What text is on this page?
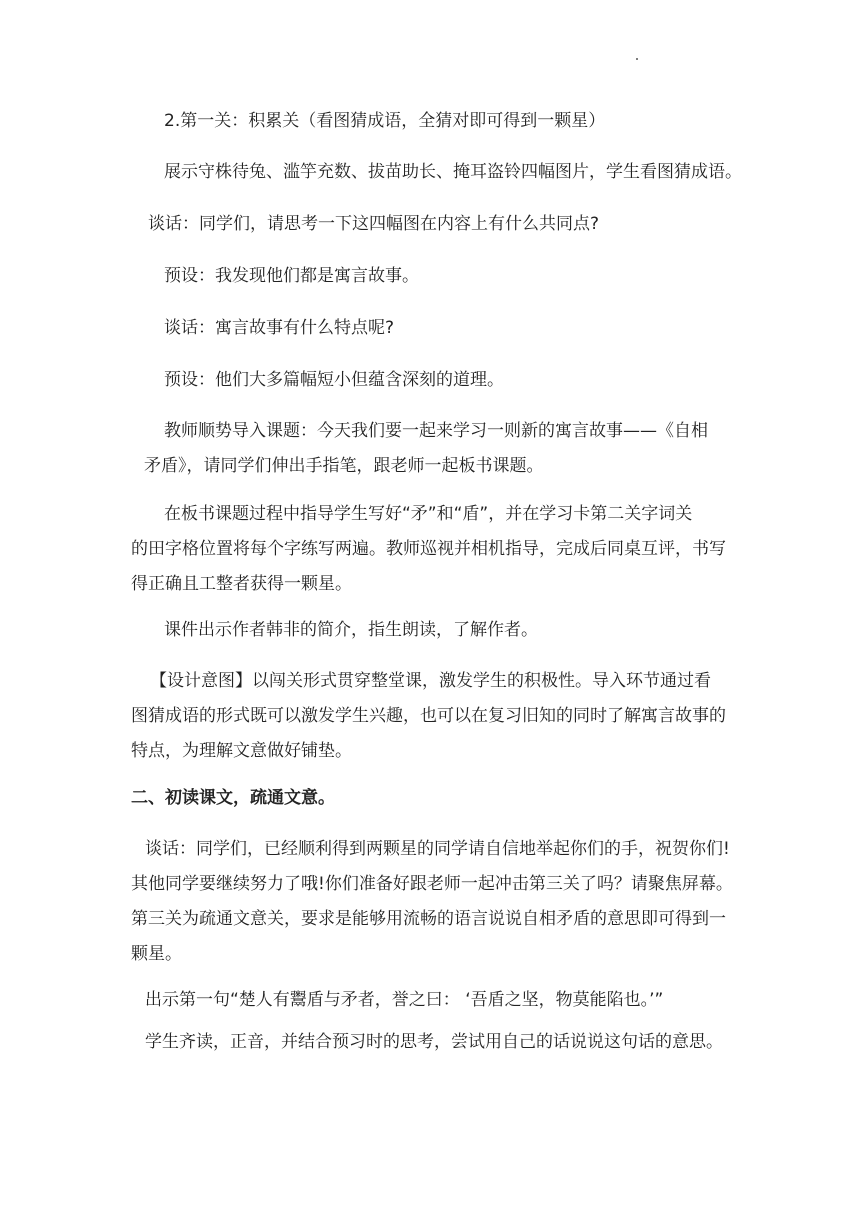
2.第一关：积累关（看图猜成语，全猜对即可得到一颗星）

展示守株待兔、滥竽充数、拔苗助长、掩耳盗铃四幅图片，学生看图猜成语。

谈话：同学们，请思考一下这四幅图在内容上有什么共同点?

预设：我发现他们都是寓言故事。

谈话：寓言故事有什么特点呢?

预设：他们大多篇幅短小但蕴含深刻的道理。

教师顺势导入课题：今天我们要一起来学习一则新的寓言故事——《自相
矛盾》，请同学们伸出手指笔，跟老师一起板书课题。
在板书课题过程中指导学生写好“矛”和“盾”，并在学习卡第二关字词关
的田字格位置将每个字练写两遍。教师巡视并相机指导，完成后同桌互评，书写
得正确且工整者获得一颗星。

课件出示作者韩非的简介，指生朗读，了解作者。

【设计意图】以闯关形式贯穿整堂课，激发学生的积极性。导入环节通过看
图猜成语的形式既可以激发学生兴趣，也可以在复习旧知的同时了解寓言故事的
特点，为理解文意做好铺垫。

二、初读课文，疏通文意。

谈话：同学们，已经顺利得到两颗星的同学请自信地举起你们的手，祝贺你们!
其他同学要继续努力了哦!你们准备好跟老师一起冲击第三关了吗？请聚焦屏幕。
第三关为疏通文意关，要求是能够用流畅的语言说说自相矛盾的意思即可得到一
颗星。

出示第一句“楚人有鬻盾与矛者，誉之曰： ‘吾盾之坚，物莫能陷也。’”

学生齐读，正音，并结合预习时的思考，尝试用自己的话说说这句话的意思。
